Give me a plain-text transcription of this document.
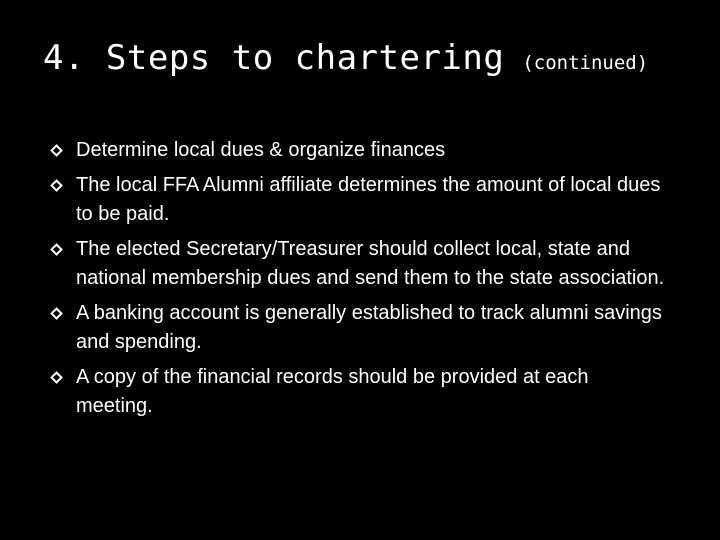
4. Steps to chartering (continued)
Determine local dues & organize finances
The local FFA Alumni affiliate determines the amount of local dues to be paid.
The elected Secretary/Treasurer should collect local, state and national membership dues and send them to the state association.
A banking account is generally established to track alumni savings and spending.
A copy of the financial records should be provided at each meeting.
